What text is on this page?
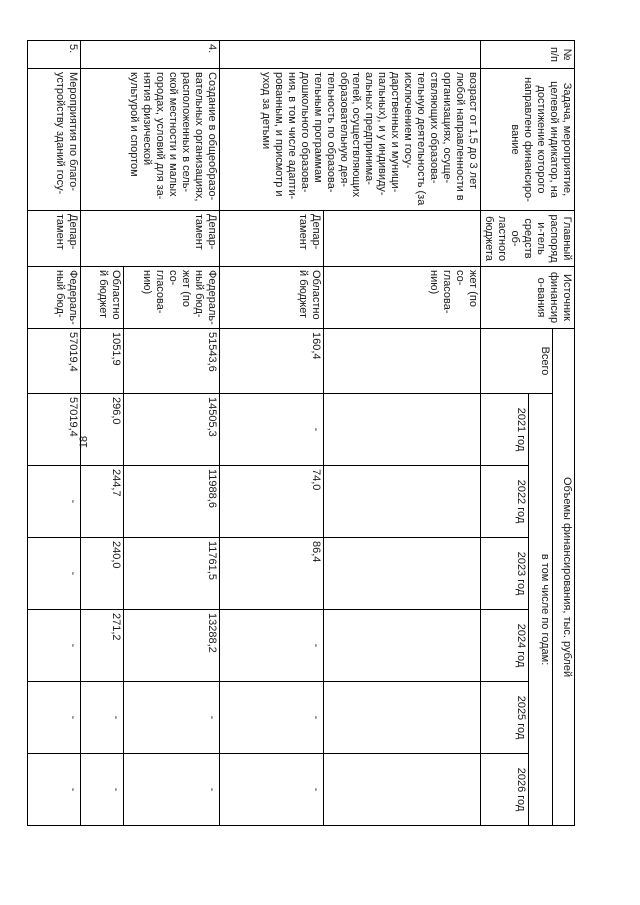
18
№ п/п	Задача, мероприятие, целевой индикатор, на достижение которого направлено финансиро-вание	Главный распоряди-тель средств об-ластного бюджета	Источник финансиро-вания	Объемы финансирования, тыс. рублей						
				Всего	в том числе по годам:					
					2021 год	2022 год	2023 год	2024 год	2025 год	2026 год
	возраст от 1,5 до 3 лет любой направленности в организациях, осуще-ствляющих образова-тельную деятельность (за исключением госу-дарственных и муници-пальных), и у индивиду-альных предпринима-телей, осуществляющих образовательную дея-тельность по образова-тельным программам дошкольного образова-ния, в том числе адапти-рованным, и присмотр и уход за детьми		жет (по со-гласова-нию)							
		Депар-тамент	Областной бюджет	160,4	-	74,0	86,4	-	-	-
4.	Создание в общеобразо-вательных организациях, расположенных в сель-ской местности и малых городах, условий для за-нятия физической культурой и спортом	Депар-тамент	Федераль-ный бюд-жет (по со-гласова-нию)	51543,6	14505,3	11988,6	11761,5	13288,2	-	-
			Областной бюджет	1051,9	296,0	244,7	240,0	271,2	-	-
5.	Мероприятия по благо-устройству зданий госу-	Депар-тамент	Федераль-ный бюд-	57019,4	57019,4	-	-	-	-	-
